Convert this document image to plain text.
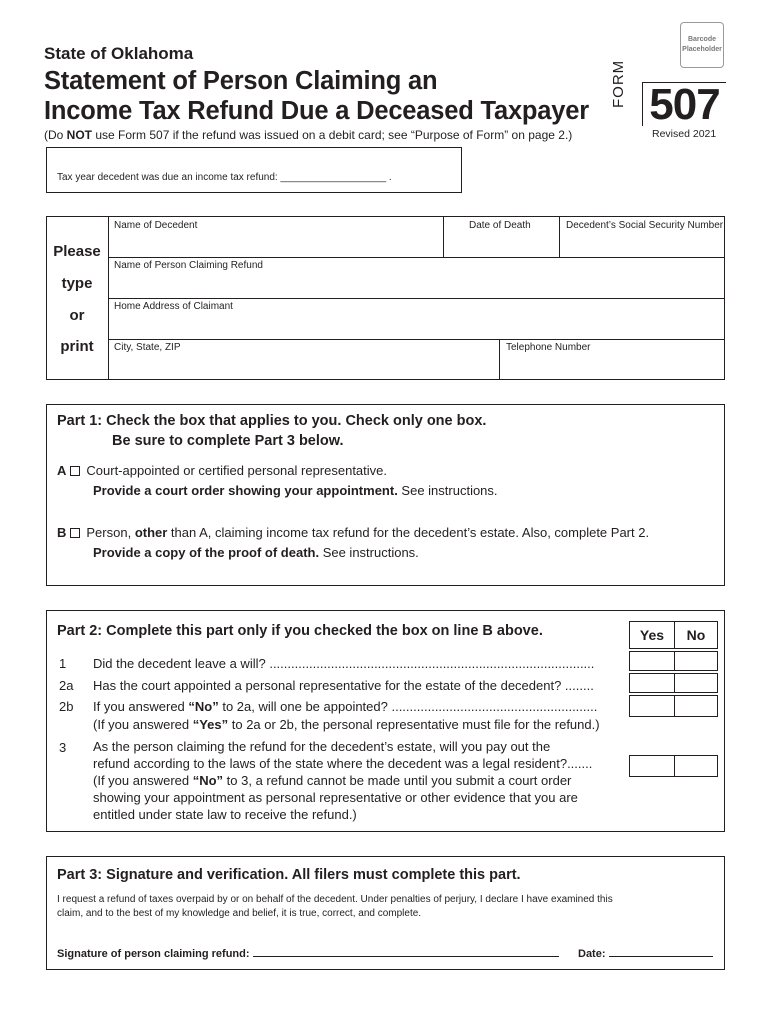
Barcode
Placeholder
State of Oklahoma
Statement of Person Claiming an
Income Tax Refund Due a Deceased Taxpayer
(Do NOT use Form 507 if the refund was issued on a debit card; see “Purpose of Form” on page 2.)
FORM 507
Revised 2021
Tax year decedent was due an income tax refund: ___________________ .
Please
type
or
print
Name of Decedent	Date of Death	Decedent’s Social Security Number
Name of Person Claiming Refund
Home Address of Claimant
City, State, ZIP	Telephone Number
Part 1: Check the box that applies to you. Check only one box.
Be sure to complete Part 3 below.
A Court-appointed or certified personal representative.
Provide a court order showing your appointment. See instructions.
B Person, other than A, claiming income tax refund for the decedent’s estate. Also, complete Part 2.
Provide a copy of the proof of death. See instructions.
Part 2: Complete this part only if you checked the box on line B above.	Yes	No
1 Did the decedent leave a will? ..........................................................................................
2a Has the court appointed a personal representative for the estate of the decedent? ........
2b If you answered “No” to 2a, will one be appointed? .........................................................
(If you answered “Yes” to 2a or 2b, the personal representative must file for the refund.)
3 As the person claiming the refund for the decedent’s estate, will you pay out the
refund according to the laws of the state where the decedent was a legal resident?.......
(If you answered “No” to 3, a refund cannot be made until you submit a court order
showing your appointment as personal representative or other evidence that you are
entitled under state law to receive the refund.)
Part 3: Signature and verification. All filers must complete this part.
I request a refund of taxes overpaid by or on behalf of the decedent. Under penalties of perjury, I declare I have examined this
claim, and to the best of my knowledge and belief, it is true, correct, and complete.
Signature of person claiming refund:	Date:
